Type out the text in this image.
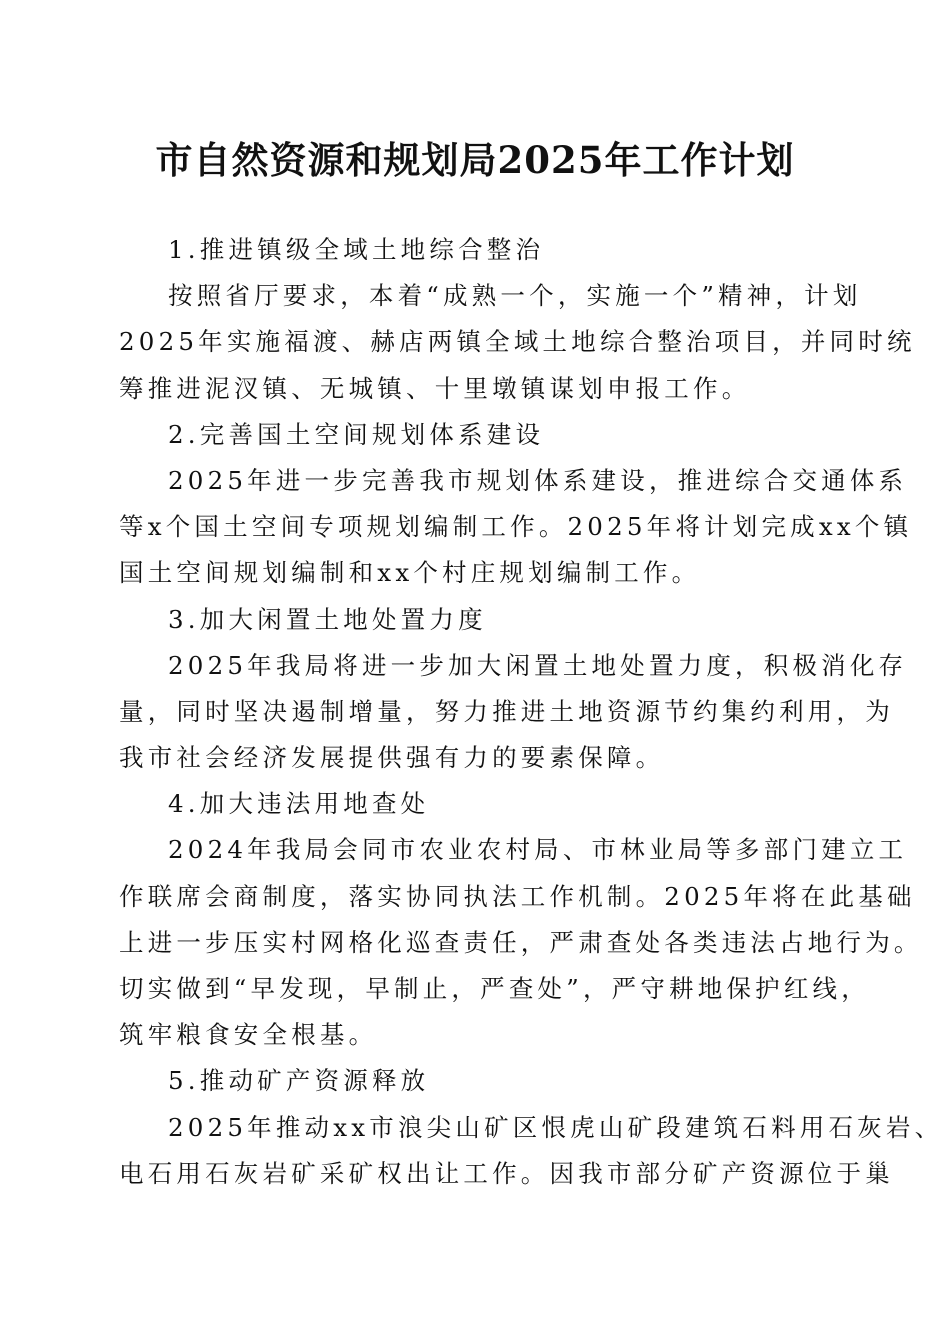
市自然资源和规划局2025年工作计划
1.推进镇级全域土地综合整治
按照省厅要求，本着“成熟一个，实施一个”精神，计划
2025年实施福渡、赫店两镇全域土地综合整治项目，并同时统
筹推进泥汊镇、无城镇、十里墩镇谋划申报工作。
2.完善国土空间规划体系建设
2025年进一步完善我市规划体系建设，推进综合交通体系
等x个国土空间专项规划编制工作。2025年将计划完成xx个镇
国土空间规划编制和xx个村庄规划编制工作。
3.加大闲置土地处置力度
2025年我局将进一步加大闲置土地处置力度，积极消化存
量，同时坚决遏制增量，努力推进土地资源节约集约利用，为
我市社会经济发展提供强有力的要素保障。
4.加大违法用地查处
2024年我局会同市农业农村局、市林业局等多部门建立工
作联席会商制度，落实协同执法工作机制。2025年将在此基础
上进一步压实村网格化巡查责任，严肃查处各类违法占地行为。
切实做到“早发现，早制止，严查处”，严守耕地保护红线，
筑牢粮食安全根基。
5.推动矿产资源释放
2025年推动xx市浪尖山矿区恨虎山矿段建筑石料用石灰岩、
电石用石灰岩矿采矿权出让工作。因我市部分矿产资源位于巢
